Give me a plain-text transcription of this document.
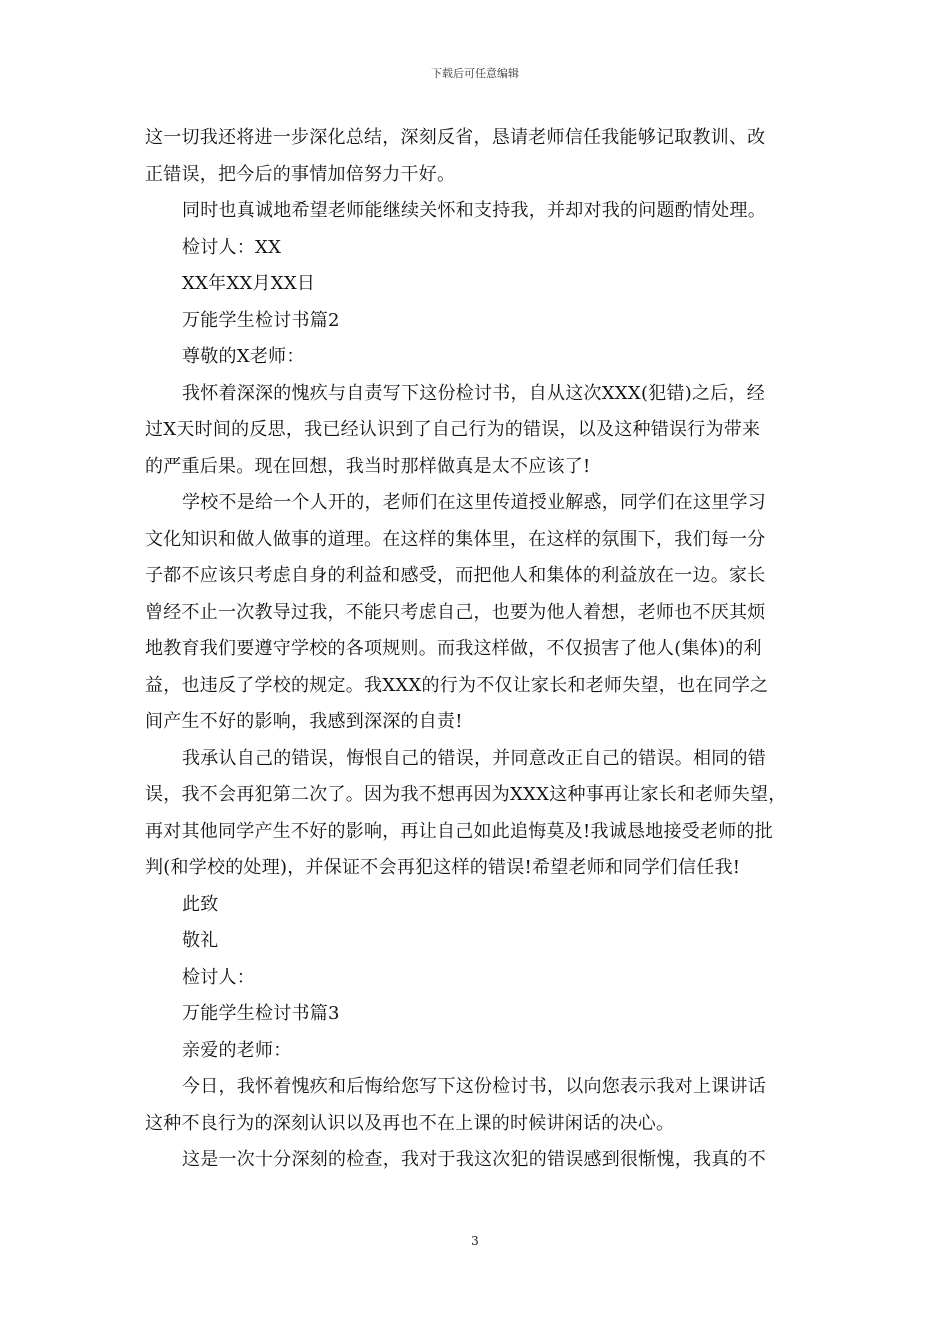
下载后可任意编辑
这一切我还将进一步深化总结，深刻反省，恳请老师信任我能够记取教训、改
正错误，把今后的事情加倍努力干好。
同时也真诚地希望老师能继续关怀和支持我，并却对我的问题酌情处理。
检讨人：XX
XX年XX月XX日
万能学生检讨书篇2
尊敬的X老师：
我怀着深深的愧疚与自责写下这份检讨书，自从这次XXX(犯错)之后，经
过X天时间的反思，我已经认识到了自己行为的错误，以及这种错误行为带来
的严重后果。现在回想，我当时那样做真是太不应该了!
学校不是给一个人开的，老师们在这里传道授业解惑，同学们在这里学习
文化知识和做人做事的道理。在这样的集体里，在这样的氛围下，我们每一分
子都不应该只考虑自身的利益和感受，而把他人和集体的利益放在一边。家长
曾经不止一次教导过我，不能只考虑自己，也要为他人着想，老师也不厌其烦
地教育我们要遵守学校的各项规则。而我这样做，不仅损害了他人(集体)的利
益，也违反了学校的规定。我XXX的行为不仅让家长和老师失望，也在同学之
间产生不好的影响，我感到深深的自责!
我承认自己的错误，悔恨自己的错误，并同意改正自己的错误。相同的错
误，我不会再犯第二次了。因为我不想再因为XXX这种事再让家长和老师失望，
再对其他同学产生不好的影响，再让自己如此追悔莫及!我诚恳地接受老师的批
判(和学校的处理)，并保证不会再犯这样的错误!希望老师和同学们信任我!
此致
敬礼
检讨人：
万能学生检讨书篇3
亲爱的老师：
今日，我怀着愧疚和后悔给您写下这份检讨书，以向您表示我对上课讲话
这种不良行为的深刻认识以及再也不在上课的时候讲闲话的决心。
这是一次十分深刻的检查，我对于我这次犯的错误感到很惭愧，我真的不
3
